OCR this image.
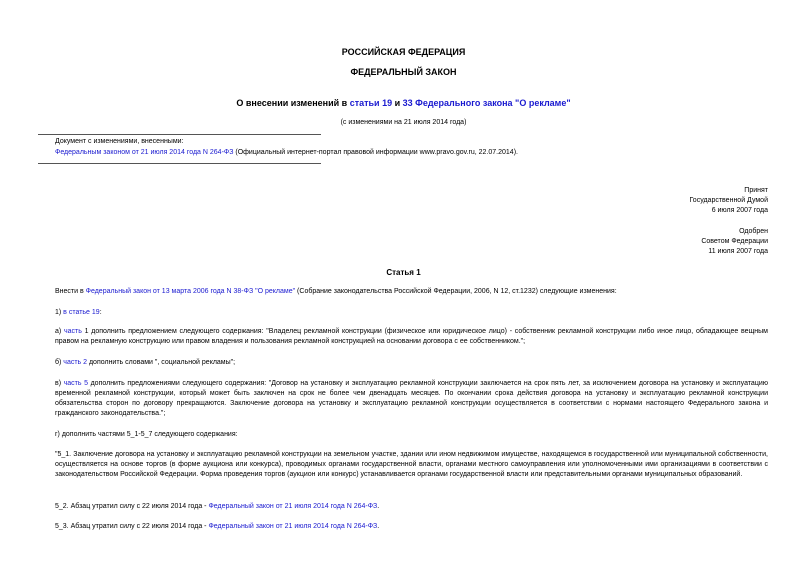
РОССИЙСКАЯ ФЕДЕРАЦИЯ
ФЕДЕРАЛЬНЫЙ ЗАКОН
О внесении изменений в статьи 19 и 33 Федерального закона "О рекламе"
(с изменениями на 21 июля 2014 года)
Документ с изменениями, внесенными:
Федеральным законом от 21 июля 2014 года N 264-ФЗ (Официальный интернет-портал правовой информации www.pravo.gov.ru, 22.07.2014).
Принят
Государственной Думой
6 июля 2007 года
Одобрен
Советом Федерации
11 июля 2007 года
Статья 1
Внести в Федеральный закон от 13 марта 2006 года N 38-ФЗ "О рекламе" (Собрание законодательства Российской Федерации, 2006, N 12, ст.1232) следующие изменения:
1) в статье 19:
а) часть 1 дополнить предложением следующего содержания: "Владелец рекламной конструкции (физическое или юридическое лицо) - собственник рекламной конструкции либо иное лицо, обладающее вещным правом на рекламную конструкцию или правом владения и пользования рекламной конструкцией на основании договора с ее собственником.";
б) часть 2 дополнить словами ", социальной рекламы";
в) часть 5 дополнить предложениями следующего содержания: "Договор на установку и эксплуатацию рекламной конструкции заключается на срок пять лет, за исключением договора на установку и эксплуатацию временной рекламной конструкции, который может быть заключен на срок не более чем двенадцать месяцев. По окончании срока действия договора на установку и эксплуатацию рекламной конструкции обязательства сторон по договору прекращаются. Заключение договора на установку и эксплуатацию рекламной конструкции осуществляется в соответствии с нормами настоящего Федерального закона и гражданского законодательства.";
г) дополнить частями 5_1-5_7 следующего содержания:
"5_1. Заключение договора на установку и эксплуатацию рекламной конструкции на земельном участке, здании или ином недвижимом имуществе, находящемся в государственной или муниципальной собственности, осуществляется на основе торгов (в форме аукциона или конкурса), проводимых органами государственной власти, органами местного самоуправления или уполномоченными ими организациями в соответствии с законодательством Российской Федерации. Форма проведения торгов (аукцион или конкурс) устанавливается органами государственной власти или представительными органами муниципальных образований.
5_2. Абзац утратил силу с 22 июля 2014 года - Федеральный закон от 21 июля 2014 года N 264-ФЗ.
5_3. Абзац утратил силу с 22 июля 2014 года - Федеральный закон от 21 июля 2014 года N 264-ФЗ.
